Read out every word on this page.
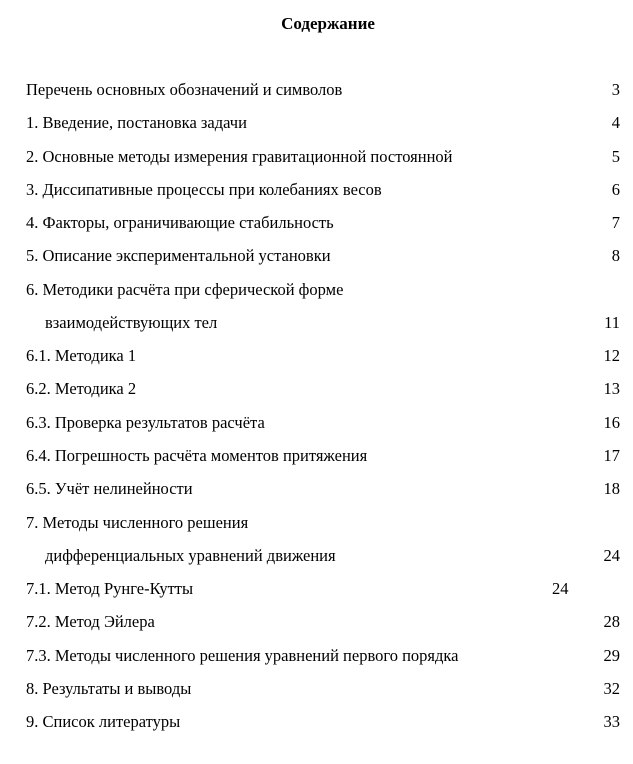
Содержание
Перечень основных обозначений и символов	3
1. Введение, постановка задачи	4
2. Основные методы измерения гравитационной постоянной	5
3. Диссипативные процессы при колебаниях весов	6
4. Факторы, ограничивающие стабильность	7
5. Описание экспериментальной установки	8
6. Методики расчёта при сферической форме
взаимодействующих тел	11
6.1. Методика 1	12
6.2. Методика 2	13
6.3. Проверка результатов расчёта	16
6.4. Погрешность расчёта моментов притяжения	17
6.5. Учёт нелинейности	18
7. Методы численного решения
дифференциальных уравнений движения	24
7.1. Метод Рунге-Кутты	24
7.2. Метод Эйлера	28
7.3. Методы численного решения уравнений первого порядка	29
8. Результаты и выводы	32
9. Список литературы	33
